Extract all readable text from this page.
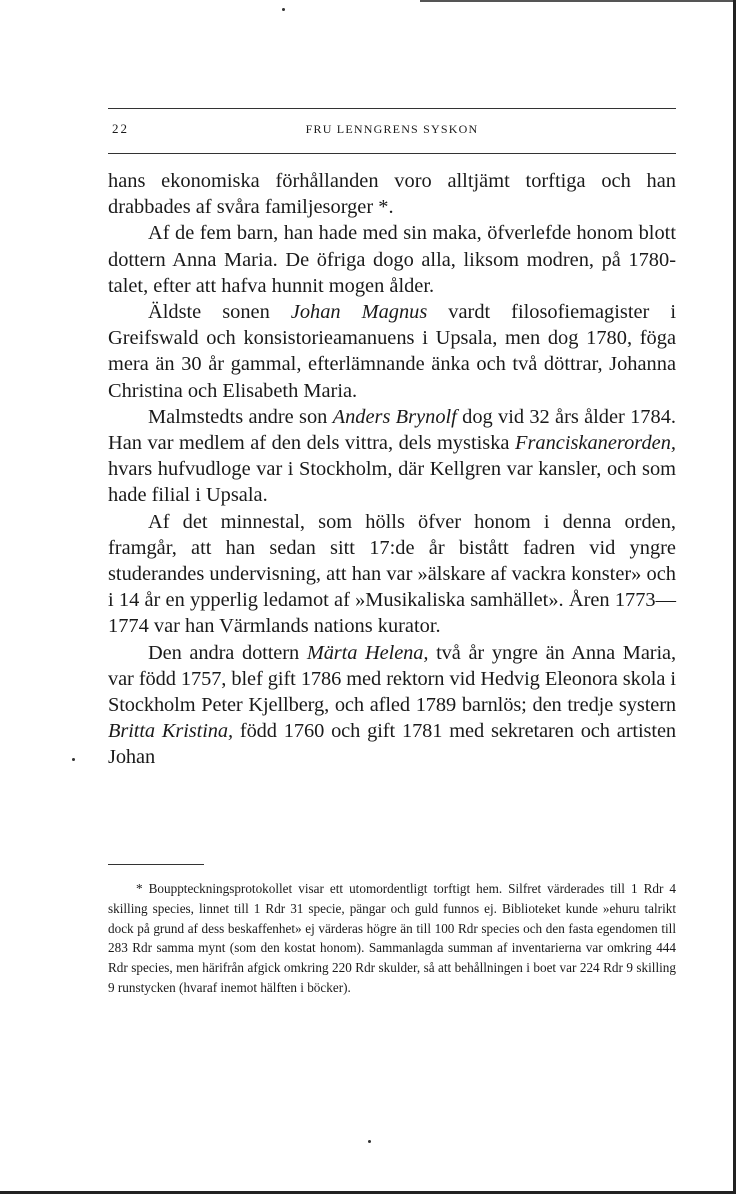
22	FRU LENNGRENS SYSKON

hans ekonomiska förhållanden voro alltjämt torftiga och han drabbades af svåra familjesorger *.

Af de fem barn, han hade med sin maka, öfverlefde honom blott dottern Anna Maria. De öfriga dogo alla, liksom modren, på 1780-talet, efter att hafva hunnit mogen ålder.

Äldste sonen Johan Magnus vardt filosofiemagister i Greifswald och konsistorieamanuens i Upsala, men dog 1780, föga mera än 30 år gammal, efterlämnande änka och två döttrar, Johanna Christina och Elisabeth Maria.

Malmstedts andre son Anders Brynolf dog vid 32 års ålder 1784. Han var medlem af den dels vittra, dels mystiska Franciskanerorden, hvars hufvudloge var i Stockholm, där Kellgren var kansler, och som hade filial i Upsala.

Af det minnestal, som hölls öfver honom i denna orden, framgår, att han sedan sitt 17:de år bistått fadren vid yngre studerandes undervisning, att han var »älskare af vackra konster» och i 14 år en ypperlig ledamot af »Musikaliska samhället». Åren 1773—1774 var han Värmlands nations kurator.

Den andra dottern Märta Helena, två år yngre än Anna Maria, var född 1757, blef gift 1786 med rektorn vid Hedvig Eleonora skola i Stockholm Peter Kjellberg, och afled 1789 barnlös; den tredje systern Britta Kristina, född 1760 och gift 1781 med sekretaren och artisten Johan

* Bouppteckningsprotokollet visar ett utomordentligt torftigt hem. Silfret värderades till 1 Rdr 4 skilling species, linnet till 1 Rdr 31 specie, pängar och guld funnos ej. Biblioteket kunde »ehuru talrikt dock på grund af dess beskaffenhet» ej värderas högre än till 100 Rdr species och den fasta egendomen till 283 Rdr samma mynt (som den kostat honom). Sammanlagda summan af inventarierna var omkring 444 Rdr species, men härifrån afgick omkring 220 Rdr skulder, så att behållningen i boet var 224 Rdr 9 skilling 9 runstycken (hvaraf inemot hälften i böcker).
